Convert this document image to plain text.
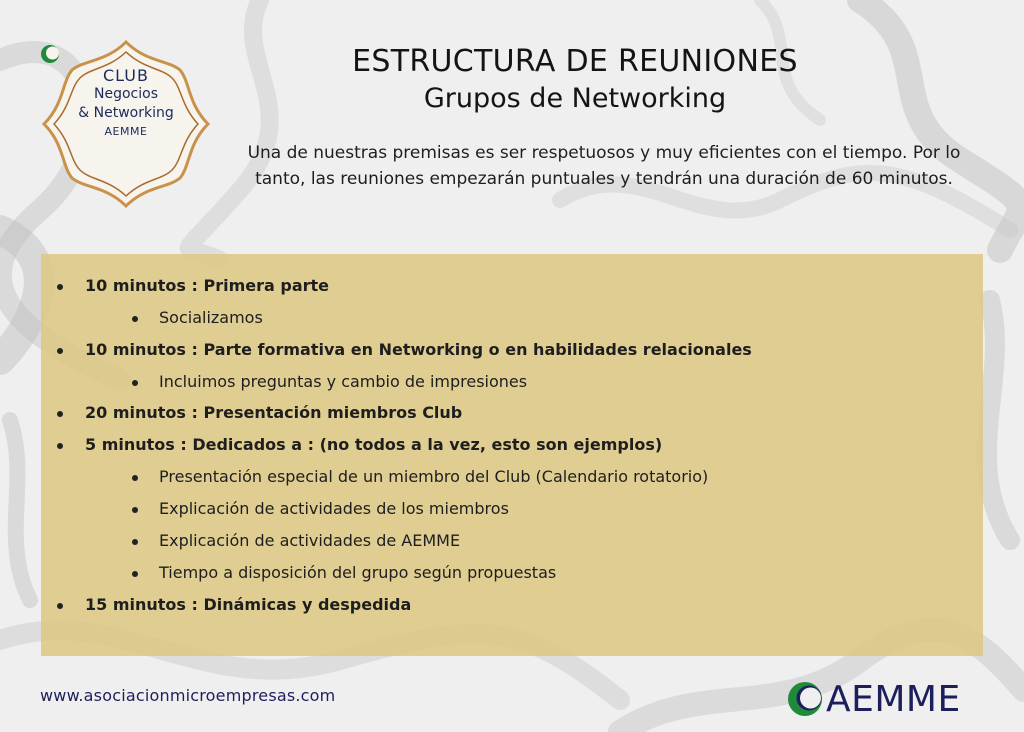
CLUB
Negocios
& Networking
AEMME
ESTRUCTURA DE REUNIONES
Grupos de Networking
Una de nuestras premisas es ser respetuosos y muy eficientes con el tiempo. Por lo tanto, las reuniones empezarán puntuales y tendrán una duración de 60 minutos.
10 minutos : Primera parte
Socializamos
10 minutos : Parte formativa en Networking o en habilidades relacionales
Incluimos preguntas y cambio de impresiones
20 minutos : Presentación miembros Club
5 minutos : Dedicados a : (no todos a la vez, esto son ejemplos)
Presentación especial de un miembro del Club (Calendario rotatorio)
Explicación de actividades de los miembros
Explicación de actividades de AEMME
Tiempo a disposición del grupo según propuestas
15 minutos : Dinámicas y despedida
www.asociacionmicroempresas.com	AEMME
